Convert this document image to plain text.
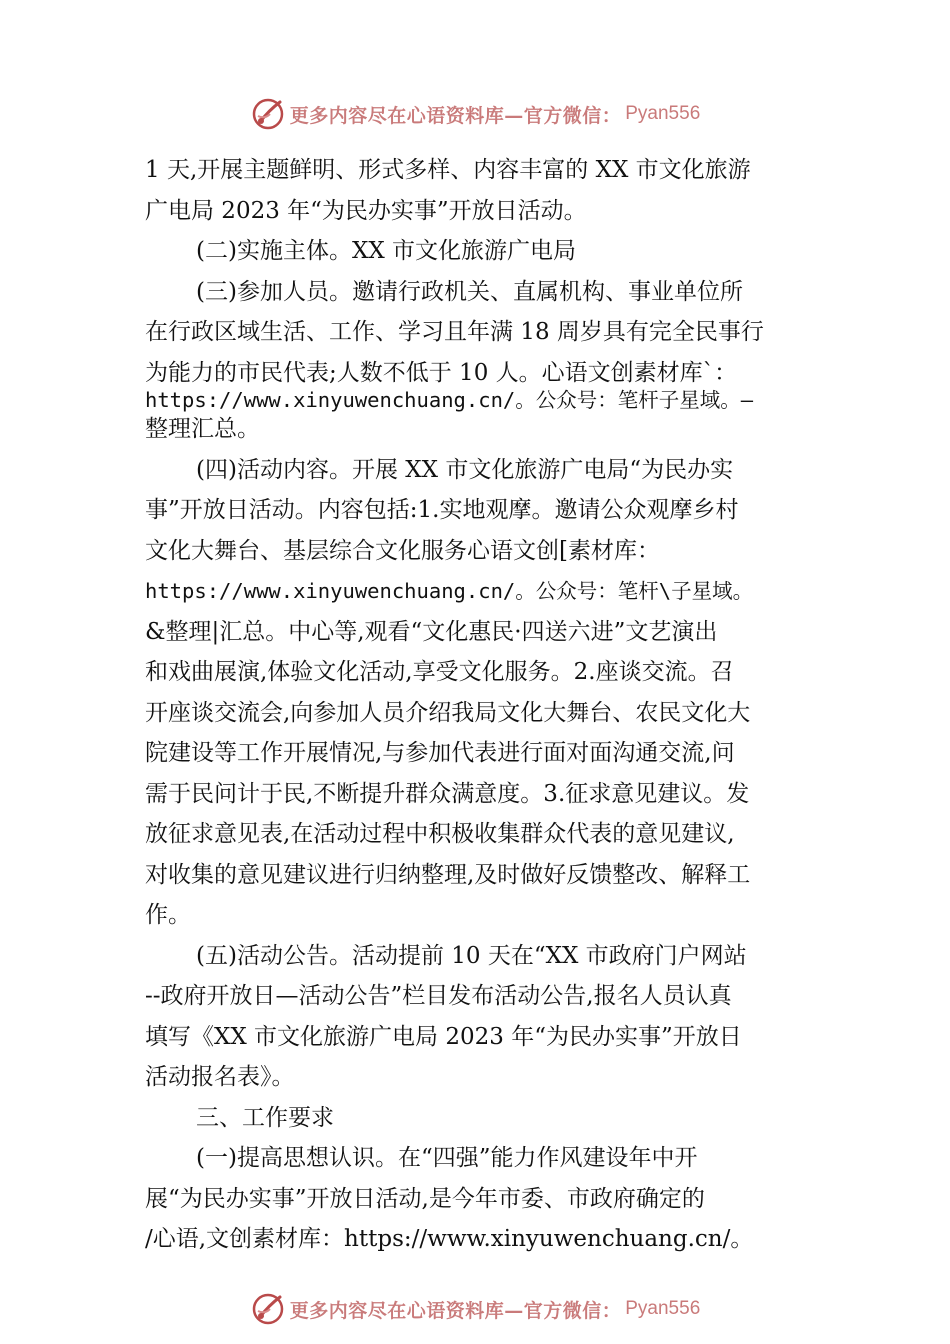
更多内容尽在心语资料库—官方微信： Pyan556
1 天,开展主题鲜明、形式多样、内容丰富的 XX 市文化旅游
广电局 2023 年“为民办实事”开放日活动。
(二)实施主体。XX 市文化旅游广电局
(三)参加人员。邀请行政机关、直属机构、事业单位所
在行政区域生活、工作、学习且年满 18 周岁具有完全民事行
为能力的市民代表;人数不低于 10 人。心语文创素材库`：
https://www.xinyuwenchuang.cn/。公众号：笔杆子星域。—
整理汇总。
(四)活动内容。开展 XX 市文化旅游广电局“为民办实
事”开放日活动。内容包括:1.实地观摩。邀请公众观摩乡村
文化大舞台、基层综合文化服务心语文创[素材库：
https://www.xinyuwenchuang.cn/。公众号：笔杆\子星域。
&整理|汇总。中心等,观看“文化惠民·四送六进”文艺演出
和戏曲展演,体验文化活动,享受文化服务。2.座谈交流。召
开座谈交流会,向参加人员介绍我局文化大舞台、农民文化大
院建设等工作开展情况,与参加代表进行面对面沟通交流,问
需于民问计于民,不断提升群众满意度。3.征求意见建议。发
放征求意见表,在活动过程中积极收集群众代表的意见建议,
对收集的意见建议进行归纳整理,及时做好反馈整改、解释工
作。
(五)活动公告。活动提前 10 天在“XX 市政府门户网站
--政府开放日—活动公告”栏目发布活动公告,报名人员认真
填写《XX 市文化旅游广电局 2023 年“为民办实事”开放日
活动报名表》。
三、工作要求
(一)提高思想认识。在“四强”能力作风建设年中开
展“为民办实事”开放日活动,是今年市委、市政府确定的
/心语,文创素材库：https://www.xinyuwenchuang.cn/。
更多内容尽在心语资料库—官方微信： Pyan556
